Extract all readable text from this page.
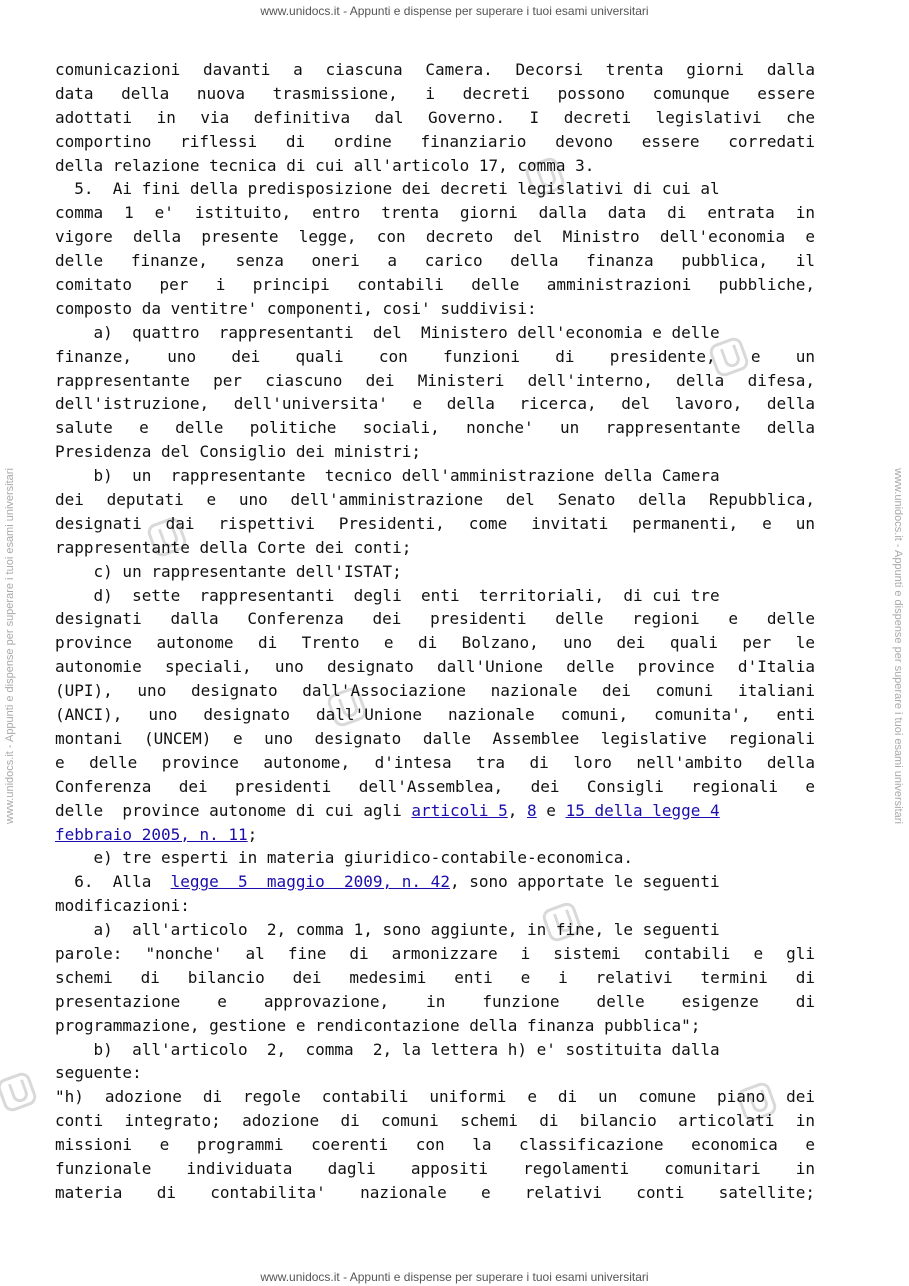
www.unidocs.it - Appunti e dispense per superare i tuoi esami universitari
www.unidocs.it - Appunti e dispense per superare i tuoi esami universitari	www.unidocs.it - Appunti e dispense per superare i tuoi esami universitari
comunicazioni davanti a ciascuna Camera. Decorsi trenta giorni dalla
data della nuova trasmissione, i decreti possono comunque essere
adottati in via definitiva dal Governo. I decreti legislativi che
comportino riflessi di ordine finanziario devono essere corredati
della relazione tecnica di cui all'articolo 17, comma 3.
5.  Ai fini della predisposizione dei decreti legislativi di cui al
comma 1 e' istituito, entro trenta giorni dalla data di entrata in
vigore della presente legge, con decreto del Ministro dell'economia e
delle finanze, senza oneri a carico della finanza pubblica, il
comitato per i principi contabili delle amministrazioni pubbliche,
composto da ventitre' componenti, cosi' suddivisi:
a)  quattro  rappresentanti  del  Ministero dell'economia e delle
finanze, uno dei quali con funzioni di presidente, e un
rappresentante per ciascuno dei Ministeri dell'interno, della difesa,
dell'istruzione, dell'universita' e della ricerca, del lavoro, della
salute e delle politiche sociali, nonche' un rappresentante della
Presidenza del Consiglio dei ministri;
b)  un  rappresentante  tecnico dell'amministrazione della Camera
dei deputati e uno dell'amministrazione del Senato della Repubblica,
designati dai rispettivi Presidenti, come invitati permanenti, e un
rappresentante della Corte dei conti;
c) un rappresentante dell'ISTAT;
d)  sette  rappresentanti  degli  enti  territoriali,  di cui tre
designati dalla Conferenza dei presidenti delle regioni e delle
province autonome di Trento e di Bolzano, uno dei quali per le
autonomie speciali, uno designato dall'Unione delle province d'Italia
(UPI), uno designato dall'Associazione nazionale dei comuni italiani
(ANCI), uno designato dall'Unione nazionale comuni, comunita', enti
montani (UNCEM) e uno designato dalle Assemblee legislative regionali
e delle province autonome, d'intesa tra di loro nell'ambito della
Conferenza dei presidenti dell'Assemblea, dei Consigli regionali e
delle  province autonome di cui agli articoli 5, 8 e 15 della legge 4
febbraio 2005, n. 11;
e) tre esperti in materia giuridico-contabile-economica.
6.  Alla  legge  5  maggio  2009, n. 42, sono apportate le seguenti
modificazioni:
a)  all'articolo  2, comma 1, sono aggiunte, in fine, le seguenti
parole: "nonche' al fine di armonizzare i sistemi contabili e gli
schemi di bilancio dei medesimi enti e i relativi termini di
presentazione e approvazione, in funzione delle esigenze di
programmazione, gestione e rendicontazione della finanza pubblica";
b)  all'articolo  2,  comma  2, la lettera h) e' sostituita dalla
seguente:
"h) adozione di regole contabili uniformi e di un comune piano dei
conti integrato; adozione di comuni schemi di bilancio articolati in
missioni e programmi coerenti con la classificazione economica e
funzionale individuata dagli appositi regolamenti comunitari in
materia di contabilita' nazionale e relativi conti satellite;
www.unidocs.it - Appunti e dispense per superare i tuoi esami universitari
